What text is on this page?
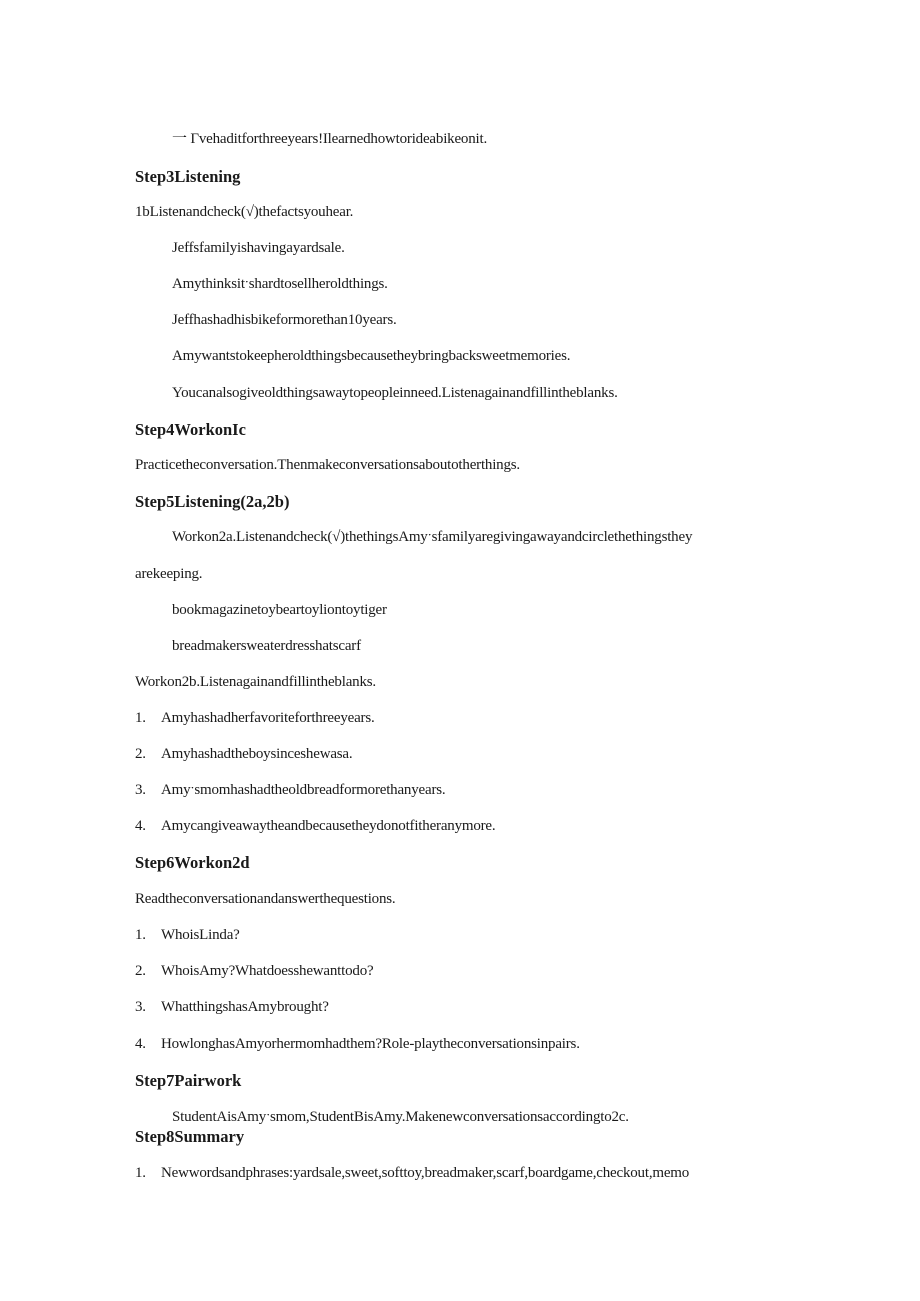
一 Γvehaditforthreeyears!Ilearnedhowtorideabikeonit.
Step3Listening
1bListenandcheck(√)thefactsyouhear.
Jeffsfamilyishavingayardsale.
Amythinksitˑshardtosellheroldthings.
Jeffhashadhisbikeformorethan10years.
Amywantstokeepheroldthingsbecausetheybringbacksweetmemories.
Youcanalsogiveoldthingsawaytopeopleinneed.Listenagainandfillintheblanks.
Step4WorkonIc
Practicetheconversation.Thenmakeconversationsaboutotherthings.
Step5Listening(2a,2b)
Workon2a.Listenandcheck(√)thethingsAmyˑsfamilyaregivingawayandcirclethethingsthey
arekeeping.
bookmagazinetoybeartoyliontoytiger
breadmakersweaterdresshatscarf
Workon2b.Listenagainandfillintheblanks.
1. Amyhashadherfavoriteforthreeyears.
2. Amyhashadtheboysinceshewasa.
3. Amyˑsmomhashadtheoldbreadformorethanyears.
4. Amycangiveawaytheandbecausetheydonotfitheranymore.
Step6Workon2d
Readtheconversationandanswerthequestions.
1. WhoisLinda?
2. WhoisAmy?Whatdoesshewanttodo?
3. WhatthingshasAmybrought?
4. HowlonghasAmyorhermomhadthem?Role-playtheconversationsinpairs.
Step7Pairwork
StudentAisAmyˑsmom,StudentBisAmy.Makenewconversationsaccordingto2c.
Step8Summary
1. Newwordsandphrases:yardsale,sweet,softtoy,breadmaker,scarf,boardgame,checkout,memo
